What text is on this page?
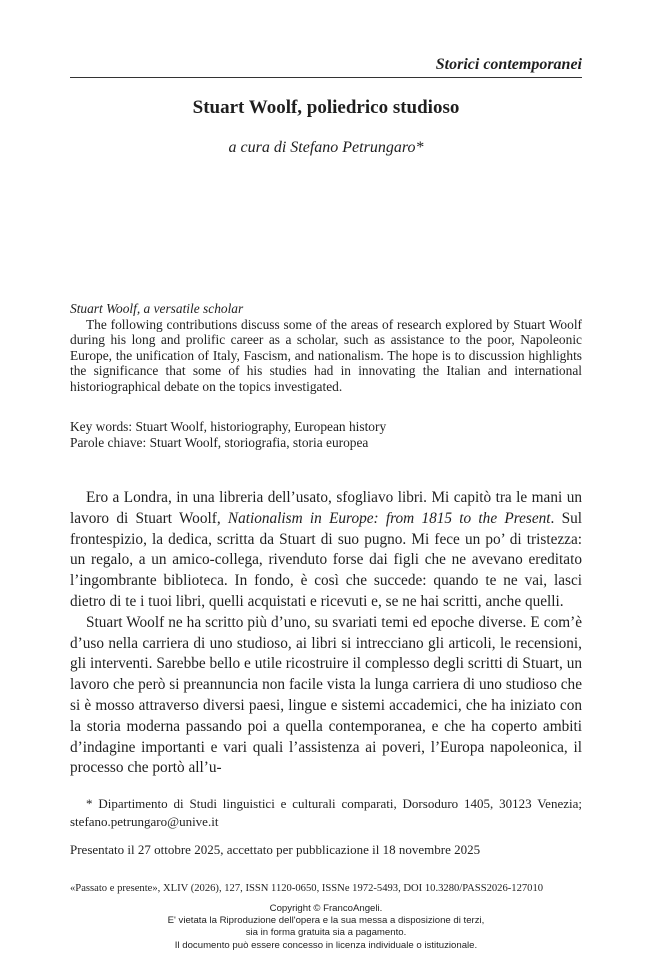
Storici contemporanei
Stuart Woolf, poliedrico studioso
a cura di Stefano Petrungaro*
Stuart Woolf, a versatile scholar
The following contributions discuss some of the areas of research explored by Stuart Woolf during his long and prolific career as a scholar, such as assistance to the poor, Napoleonic Europe, the unification of Italy, Fascism, and nationalism. The hope is to discussion highlights the significance that some of his studies had in innovating the Italian and international historiographical debate on the topics investigated.
Key words: Stuart Woolf, historiography, European history
Parole chiave: Stuart Woolf, storiografia, storia europea

Ero a Londra, in una libreria dell’usato, sfogliavo libri. Mi capitò tra le mani un lavoro di Stuart Woolf, Nationalism in Europe: from 1815 to the Present. Sul frontespizio, la dedica, scritta da Stuart di suo pugno. Mi fece un po’ di tristezza: un regalo, a un amico-collega, rivenduto forse dai figli che ne avevano ereditato l’ingombrante biblioteca. In fondo, è così che succede: quando te ne vai, lasci dietro di te i tuoi libri, quelli acquistati e ricevuti e, se ne hai scritti, anche quelli.

Stuart Woolf ne ha scritto più d’uno, su svariati temi ed epoche diverse. E com’è d’uso nella carriera di uno studioso, ai libri si intrecciano gli articoli, le recensioni, gli interventi. Sarebbe bello e utile ricostruire il complesso degli scritti di Stuart, un lavoro che però si preannuncia non facile vista la lunga carriera di uno studioso che si è mosso attraverso diversi paesi, lingue e sistemi accademici, che ha iniziato con la storia moderna passando poi a quella contemporanea, e che ha coperto ambiti d’indagine importanti e vari quali l’assistenza ai poveri, l’Europa napoleonica, il processo che portò all’u-

* Dipartimento di Studi linguistici e culturali comparati, Dorsoduro 1405, 30123 Venezia; stefano.petrungaro@unive.it
Presentato il 27 ottobre 2025, accettato per pubblicazione il 18 novembre 2025
«Passato e presente», XLIV (2026), 127, ISSN 1120-0650, ISSNe 1972-5493, DOI 10.3280/PASS2026-127010
Copyright © FrancoAngeli.
E' vietata la Riproduzione dell'opera e la sua messa a disposizione di terzi,
sia in forma gratuita sia a pagamento.
Il documento può essere concesso in licenza individuale o istituzionale.
